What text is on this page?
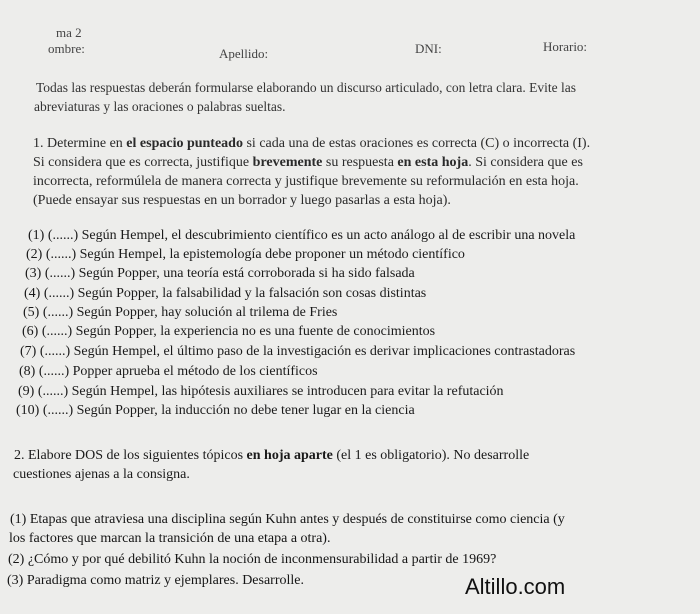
ma 2
ombre:	Apellido:	DNI:	Horario:
Todas las respuestas deberán formularse elaborando un discurso articulado, con letra clara. Evite las
abreviaturas y las oraciones o palabras sueltas.
1. Determine en el espacio punteado si cada una de estas oraciones es correcta (C) o incorrecta (I).
Si considera que es correcta, justifique brevemente su respuesta en esta hoja. Si considera que es
incorrecta, reformúlela de manera correcta y justifique brevemente su reformulación en esta hoja.
(Puede ensayar sus respuestas en un borrador y luego pasarlas a esta hoja).
(1) (......) Según Hempel, el descubrimiento científico es un acto análogo al de escribir una novela
(2) (......) Según Hempel, la epistemología debe proponer un método científico
(3) (......) Según Popper, una teoría está corroborada si ha sido falsada
(4) (......) Según Popper, la falsabilidad y la falsación son cosas distintas
(5) (......) Según Popper, hay solución al trilema de Fries
(6) (......) Según Popper, la experiencia no es una fuente de conocimientos
(7) (......) Según Hempel, el último paso de la investigación es derivar implicaciones contrastadoras
(8) (......) Popper aprueba el método de los científicos
(9) (......) Según Hempel, las hipótesis auxiliares se introducen para evitar la refutación
(10) (......) Según Popper, la inducción no debe tener lugar en la ciencia
2. Elabore DOS de los siguientes tópicos en hoja aparte (el 1 es obligatorio). No desarrolle
cuestiones ajenas a la consigna.
(1) Etapas que atraviesa una disciplina según Kuhn antes y después de constituirse como ciencia (y
los factores que marcan la transición de una etapa a otra).
(2) ¿Cómo y por qué debilitó Kuhn la noción de inconmensurabilidad a partir de 1969?
(3) Paradigma como matriz y ejemplares. Desarrolle.	Altillo.com
